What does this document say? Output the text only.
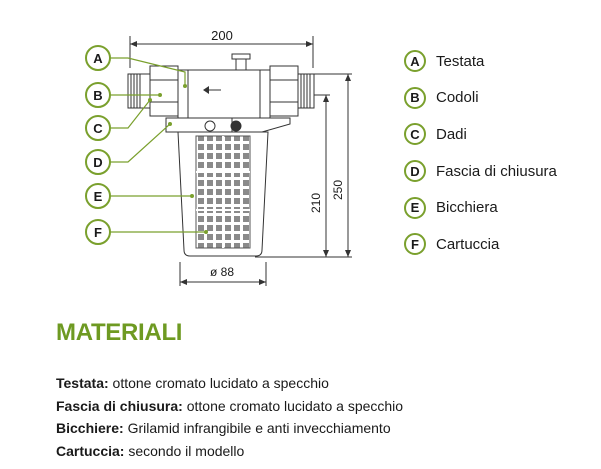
200
210
250
ø 88
A
B
C
D
E
F
A	Testata
B	Codoli
C	Dadi
D	Fascia di chiusura
E	Bicchiera
F	Cartuccia
MATERIALI
Testata: ottone cromato lucidato a specchio
Fascia di chiusura: ottone cromato lucidato a specchio
Bicchiere: Grilamid infrangibile e anti invecchiamento
Cartuccia: secondo il modello
